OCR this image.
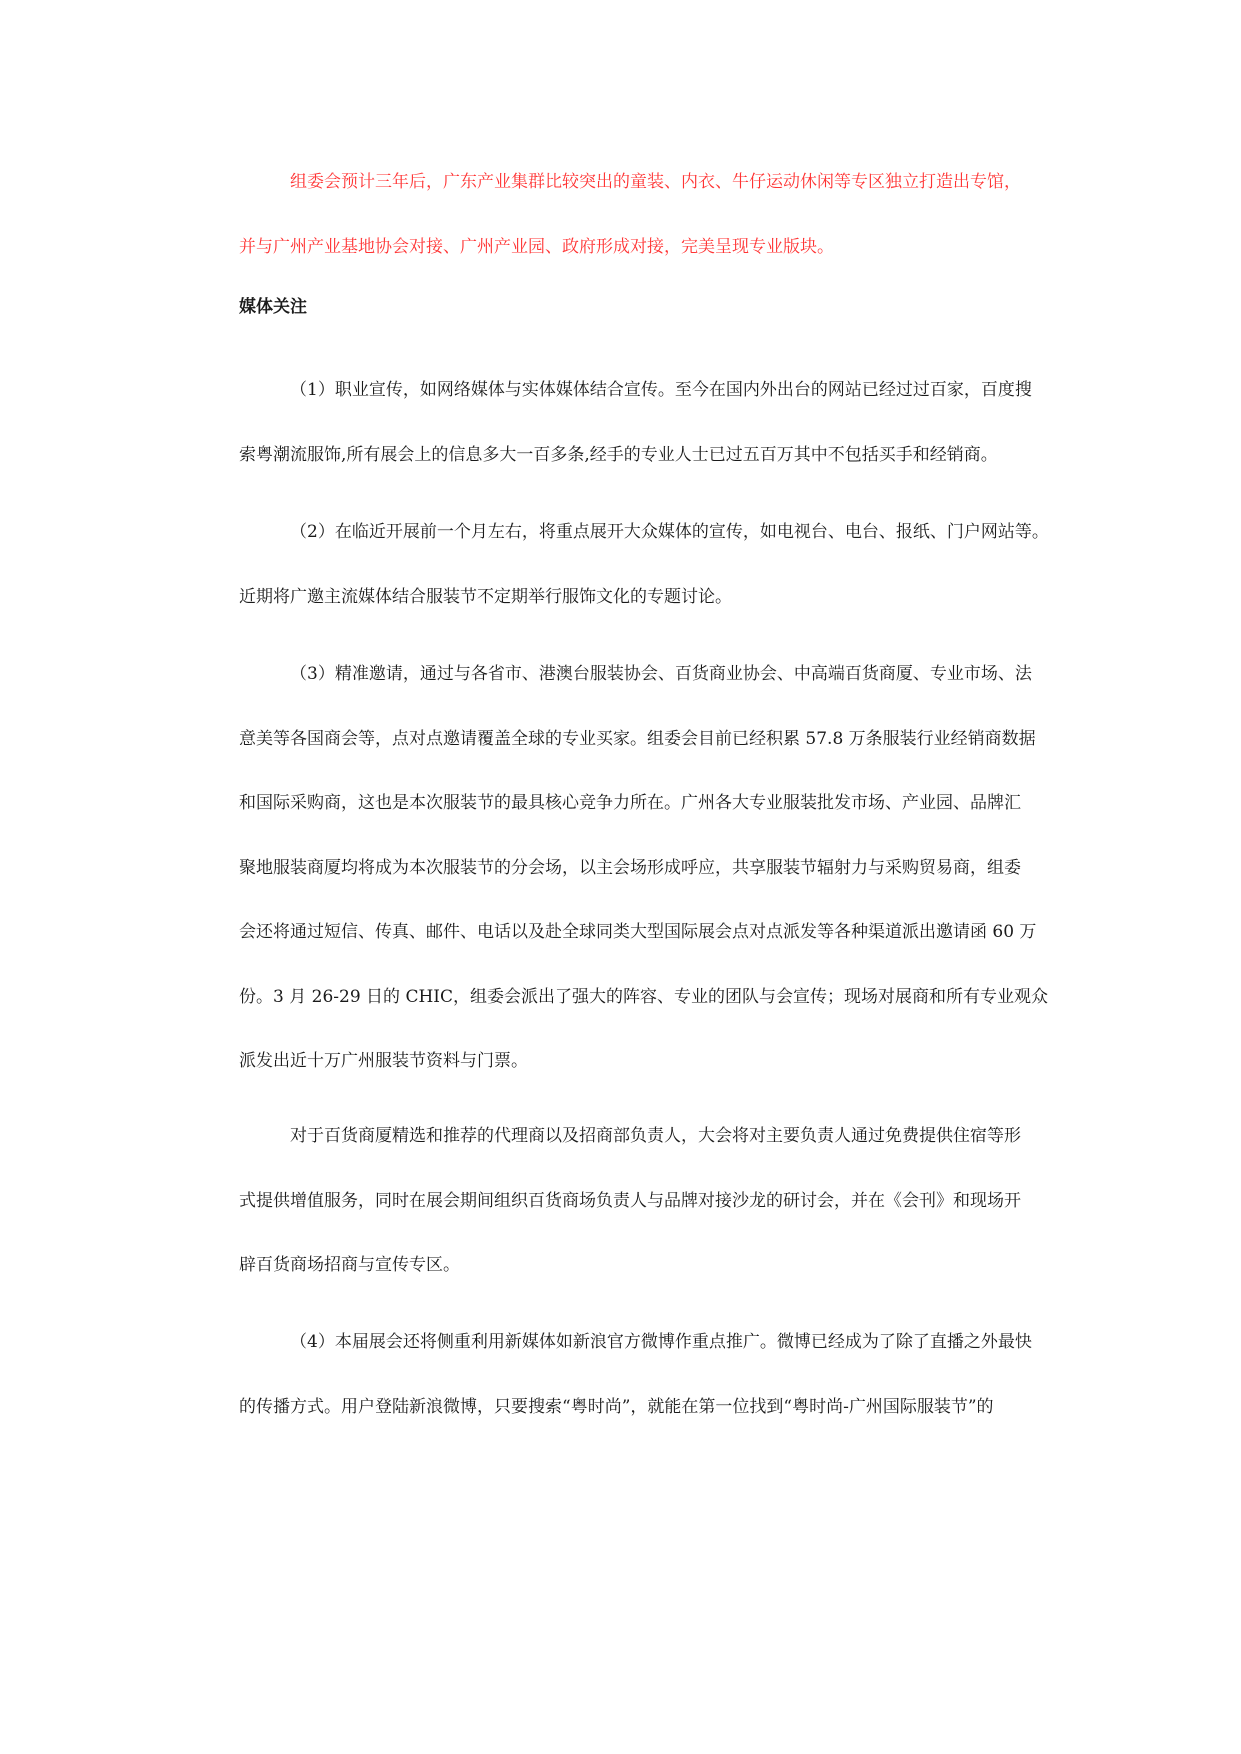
组委会预计三年后，广东产业集群比较突出的童装、内衣、牛仔运动休闲等专区独立打造出专馆，
并与广州产业基地协会对接、广州产业园、政府形成对接，完美呈现专业版块。
媒体关注
（1）职业宣传，如网络媒体与实体媒体结合宣传。至今在国内外出台的网站已经过过百家，百度搜
索粤潮流服饰,所有展会上的信息多大一百多条,经手的专业人士已过五百万其中不包括买手和经销商。
（2）在临近开展前一个月左右，将重点展开大众媒体的宣传，如电视台、电台、报纸、门户网站等。
近期将广邀主流媒体结合服装节不定期举行服饰文化的专题讨论。
（3）精准邀请，通过与各省市、港澳台服装协会、百货商业协会、中高端百货商厦、专业市场、法
意美等各国商会等，点对点邀请覆盖全球的专业买家。组委会目前已经积累 57.8 万条服装行业经销商数据
和国际采购商，这也是本次服装节的最具核心竞争力所在。广州各大专业服装批发市场、产业园、品牌汇
聚地服装商厦均将成为本次服装节的分会场，以主会场形成呼应，共享服装节辐射力与采购贸易商，组委
会还将通过短信、传真、邮件、电话以及赴全球同类大型国际展会点对点派发等各种渠道派出邀请函 60 万
份。3 月 26-29 日的 CHIC，组委会派出了强大的阵容、专业的团队与会宣传；现场对展商和所有专业观众
派发出近十万广州服装节资料与门票。
对于百货商厦精选和推荐的代理商以及招商部负责人，大会将对主要负责人通过免费提供住宿等形
式提供增值服务，同时在展会期间组织百货商场负责人与品牌对接沙龙的研讨会，并在《会刊》和现场开
辟百货商场招商与宣传专区。
（4）本届展会还将侧重利用新媒体如新浪官方微博作重点推广。微博已经成为了除了直播之外最快
的传播方式。用户登陆新浪微博，只要搜索“粤时尚”，就能在第一位找到“粤时尚-广州国际服装节”的
